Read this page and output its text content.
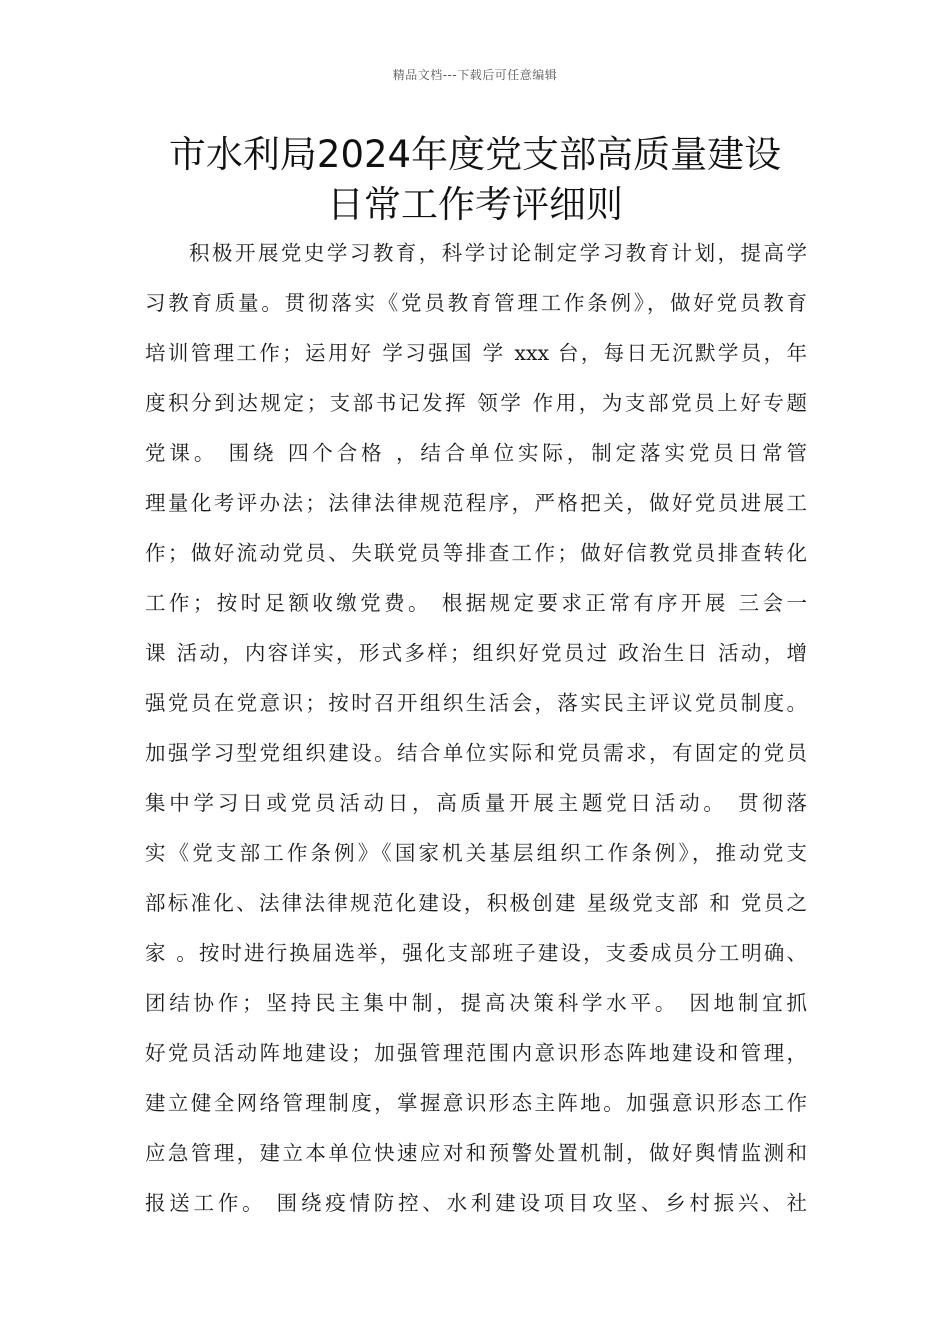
精品文档---下载后可任意编辑
市水利局2024年度党支部高质量建设
日常工作考评细则
积极开展党史学习教育，科学讨论制定学习教育计划，提高学
习教育质量。贯彻落实《党员教育管理工作条例》，做好党员教育
培训管理工作；运用好 学习强国 学 xxx 台，每日无沉默学员，年
度积分到达规定；支部书记发挥 领学 作用，为支部党员上好专题
党课。 围绕 四个合格 ，结合单位实际，制定落实党员日常管
理量化考评办法；法律法律规范程序，严格把关，做好党员进展工
作；做好流动党员、失联党员等排查工作；做好信教党员排查转化
工作；按时足额收缴党费。 根据规定要求正常有序开展 三会一
课 活动，内容详实，形式多样；组织好党员过 政治生日 活动，增
强党员在党意识；按时召开组织生活会，落实民主评议党员制度。
加强学习型党组织建设。结合单位实际和党员需求，有固定的党员
集中学习日或党员活动日，高质量开展主题党日活动。 贯彻落
实《党支部工作条例》《国家机关基层组织工作条例》，推动党支
部标准化、法律法律规范化建设，积极创建 星级党支部 和 党员之
家 。按时进行换届选举，强化支部班子建设，支委成员分工明确、
团结协作；坚持民主集中制，提高决策科学水平。 因地制宜抓
好党员活动阵地建设；加强管理范围内意识形态阵地建设和管理，
建立健全网络管理制度，掌握意识形态主阵地。加强意识形态工作
应急管理，建立本单位快速应对和预警处置机制，做好舆情监测和
报送工作。 围绕疫情防控、水利建设项目攻坚、乡村振兴、社
